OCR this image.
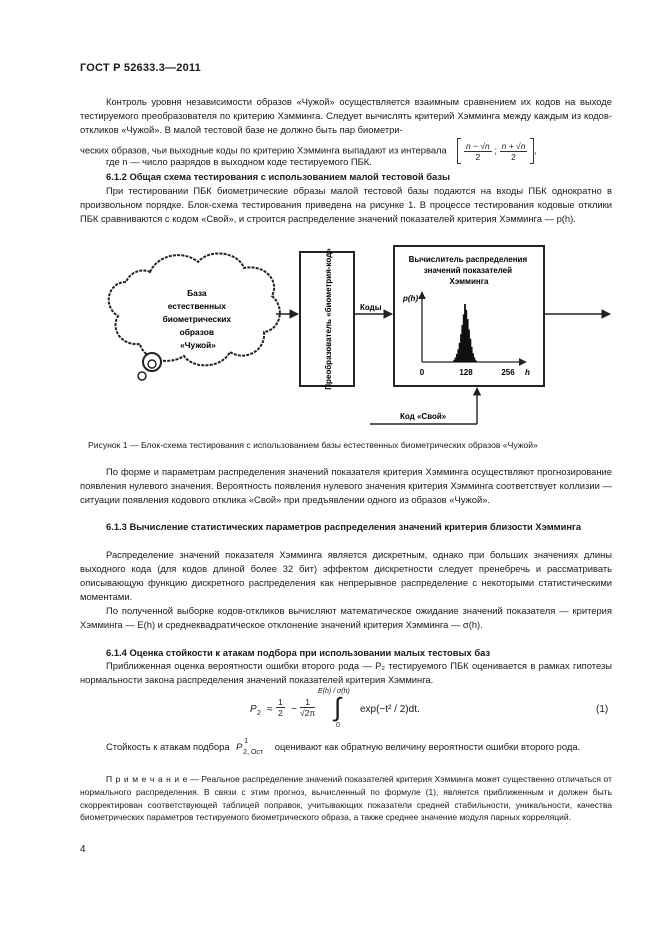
ГОСТ Р 52633.3—2011
Контроль уровня независимости образов «Чужой» осуществляется взаимным сравнением их кодов на выходе тестируемого преобразователя по критерию Хэмминга. Следует вычислять критерий Хэмминга между каждым из кодов-откликов «Чужой». В малой тестовой базе не должно быть пар биометри-
ческих образов, чьи выходные коды по критерию Хэмминга выпадают из интервала $\frac{n - √n}{2}$ ; $\frac{n + √n}{2}$ ,
где n — число разрядов в выходном коде тестируемого ПБК.
6.1.2 Общая схема тестирования с использованием малой тестовой базы
При тестировании ПБК биометрические образы малой тестовой базы подаются на входы ПБК однократно в произвольном порядке. Блок-схема тестирования приведена на рисунке 1. В процессе тестирования кодовые отклики ПБК сравниваются с кодом «Свой», и строится распределение значений показателей критерия Хэмминга — p(h).
База естественных биометрических образов «Чужой»	Преобразователь «биометрия-код»	Коды
Вычислитель распределения значений показателей Хэмминга
p(h)
0	128	256 h
Код «Свой»
Рисунок 1 — Блок-схема тестирования с использованием базы естественных биометрических образов «Чужой»
По форме и параметрам распределения значений показателя критерия Хэмминга осуществляют прогнозирование появления нулевого значения. Вероятность появления нулевого значения критерия Хэмминга соответствует коллизии — ситуации появления кодового отклика «Свой» при предъявлении одного из образов «Чужой».
6.1.3 Вычисление статистических параметров распределения значений критерия близости Хэмминга
Распределение значений показателя Хэмминга является дискретным, однако при больших значениях длины выходного кода (для кодов длиной более 32 бит) эффектом дискретности следует пренебречь и рассматривать описывающую функцию дискретного распределения как непрерывное распределение с некоторыми статистическими моментами.
По полученной выборке кодов-откликов вычисляют математическое ожидание значений показателя — критерия Хэмминга — E(h) и среднеквадратическое отклонение значений критерия Хэмминга — σ(h).
6.1.4 Оценка стойкости к атакам подбора при использовании малых тестовых баз
Приближенная оценка вероятности ошибки второго рода — P₂ тестируемого ПБК оценивается в рамках гипотезы нормальности закона распределения значений показателей критерия Хэмминга.
P $2 \approx \frac{1}{2} - \frac{1}{√2\pi}$
E(h) / σ(h)
∫
0
exp(−t² / 2)dt.	(1)
Стойкость к атакам подбора P 1
2, Ост
оценивают как обратную величину вероятности ошибки второго рода.
П р и м е ч а н и е — Реальное распределение значений показателей критерия Хэмминга может существенно отличаться от нормального распределения. В связи с этим прогноз, вычисленный по формуле (1), является приближенным и должен быть скорректирован соответствующей таблицей поправок, учитывающих показатели средней стабильности, уникальности, качества биометрических параметров тестируемого биометрического образа, а также среднее значение модуля парных корреляций.
4
